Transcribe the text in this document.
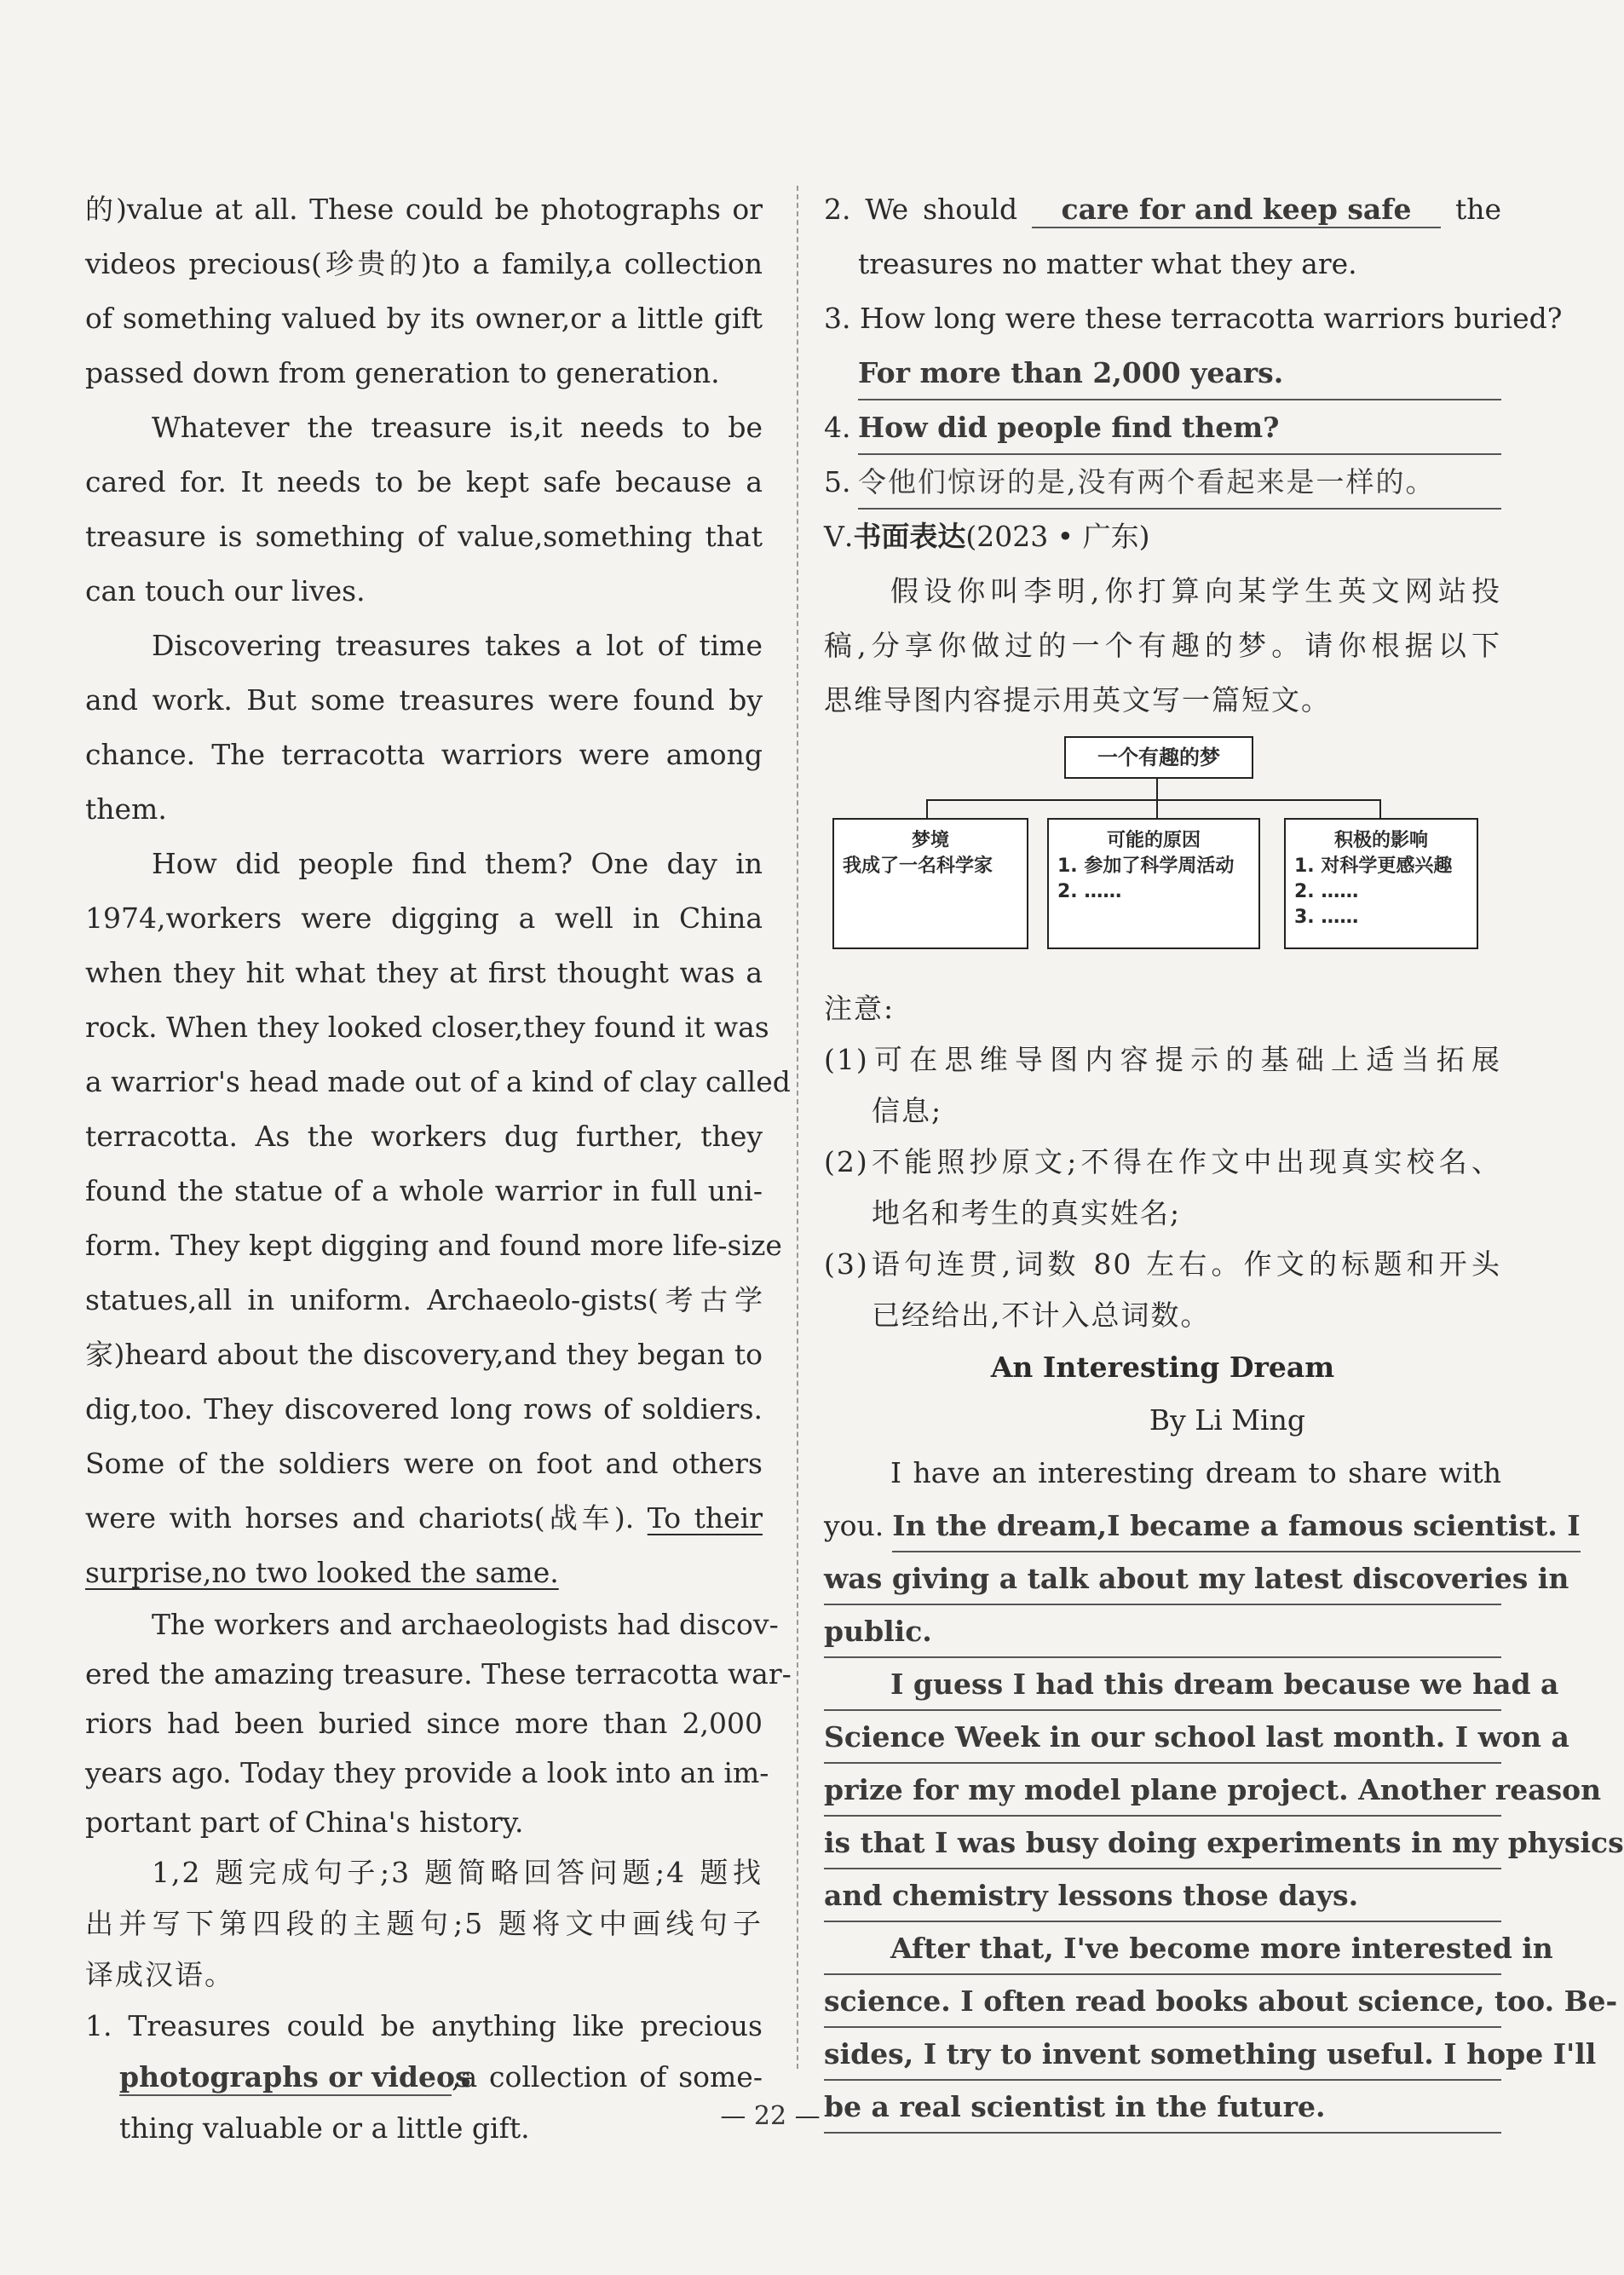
的)value at all. These could be photographs or
videos precious(珍贵的)to a family,a collection
of something valued by its owner,or a little gift
passed down from generation to generation.
Whatever the treasure is,it needs to be
cared for. It needs to be kept safe because a
treasure is something of value,something that
can touch our lives.
Discovering treasures takes a lot of time
and work. But some treasures were found by
chance. The terracotta warriors were among
them.
How did people find them? One day in
1974,workers were digging a well in China
when they hit what they at first thought was a
rock. When they looked closer,they found it was
a warrior's head made out of a kind of clay called
terracotta. As the workers dug further, they
found the statue of a whole warrior in full uni-
form. They kept digging and found more life-size
statues,all in uniform. Archaeolo-gists(考古学
家)heard about the discovery,and they began to
dig,too. They discovered long rows of soldiers.
Some of the soldiers were on foot and others
were with horses and chariots(战车). To their
surprise,no two looked the same.
The workers and archaeologists had discov-
ered the amazing treasure. These terracotta war-
riors had been buried since more than 2,000
years ago. Today they provide a look into an im-
portant part of China's history.
1,2 题完成句子;3 题简略回答问题;4 题找
出并写下第四段的主题句;5 题将文中画线句子
译成汉语。
1. Treasures could be anything like precious
photographs or videos,a collection of some-
thing valuable or a little gift.
2. We should care for and keep safe the
treasures no matter what they are.
3. How long were these terracotta warriors buried?
For more than 2,000 years.
4. How did people find them?
5. 令他们惊讶的是,没有两个看起来是一样的。
Ⅴ.书面表达(2023 • 广东)
假设你叫李明,你打算向某学生英文网站投
稿,分享你做过的一个有趣的梦。请你根据以下
思维导图内容提示用英文写一篇短文。
一个有趣的梦
梦境
我成了一名科学家
可能的原因
1. 参加了科学周活动
2. ……
积极的影响
1. 对科学更感兴趣
2. ……
3. ……
注意:
(1)可在思维导图内容提示的基础上适当拓展
信息;
(2)不能照抄原文;不得在作文中出现真实校名、
地名和考生的真实姓名;
(3)语句连贯,词数 80 左右。作文的标题和开头
已经给出,不计入总词数。
An Interesting Dream
By Li Ming
I have an interesting dream to share with
you. In the dream,I became a famous scientist. I
was giving a talk about my latest discoveries in
public.
I guess I had this dream because we had a
Science Week in our school last month. I won a
prize for my model plane project. Another reason
is that I was busy doing experiments in my physics
and chemistry lessons those days.
After that, I've become more interested in
science. I often read books about science, too. Be-
sides, I try to invent something useful. I hope I'll
be a real scientist in the future.
— 22 —
